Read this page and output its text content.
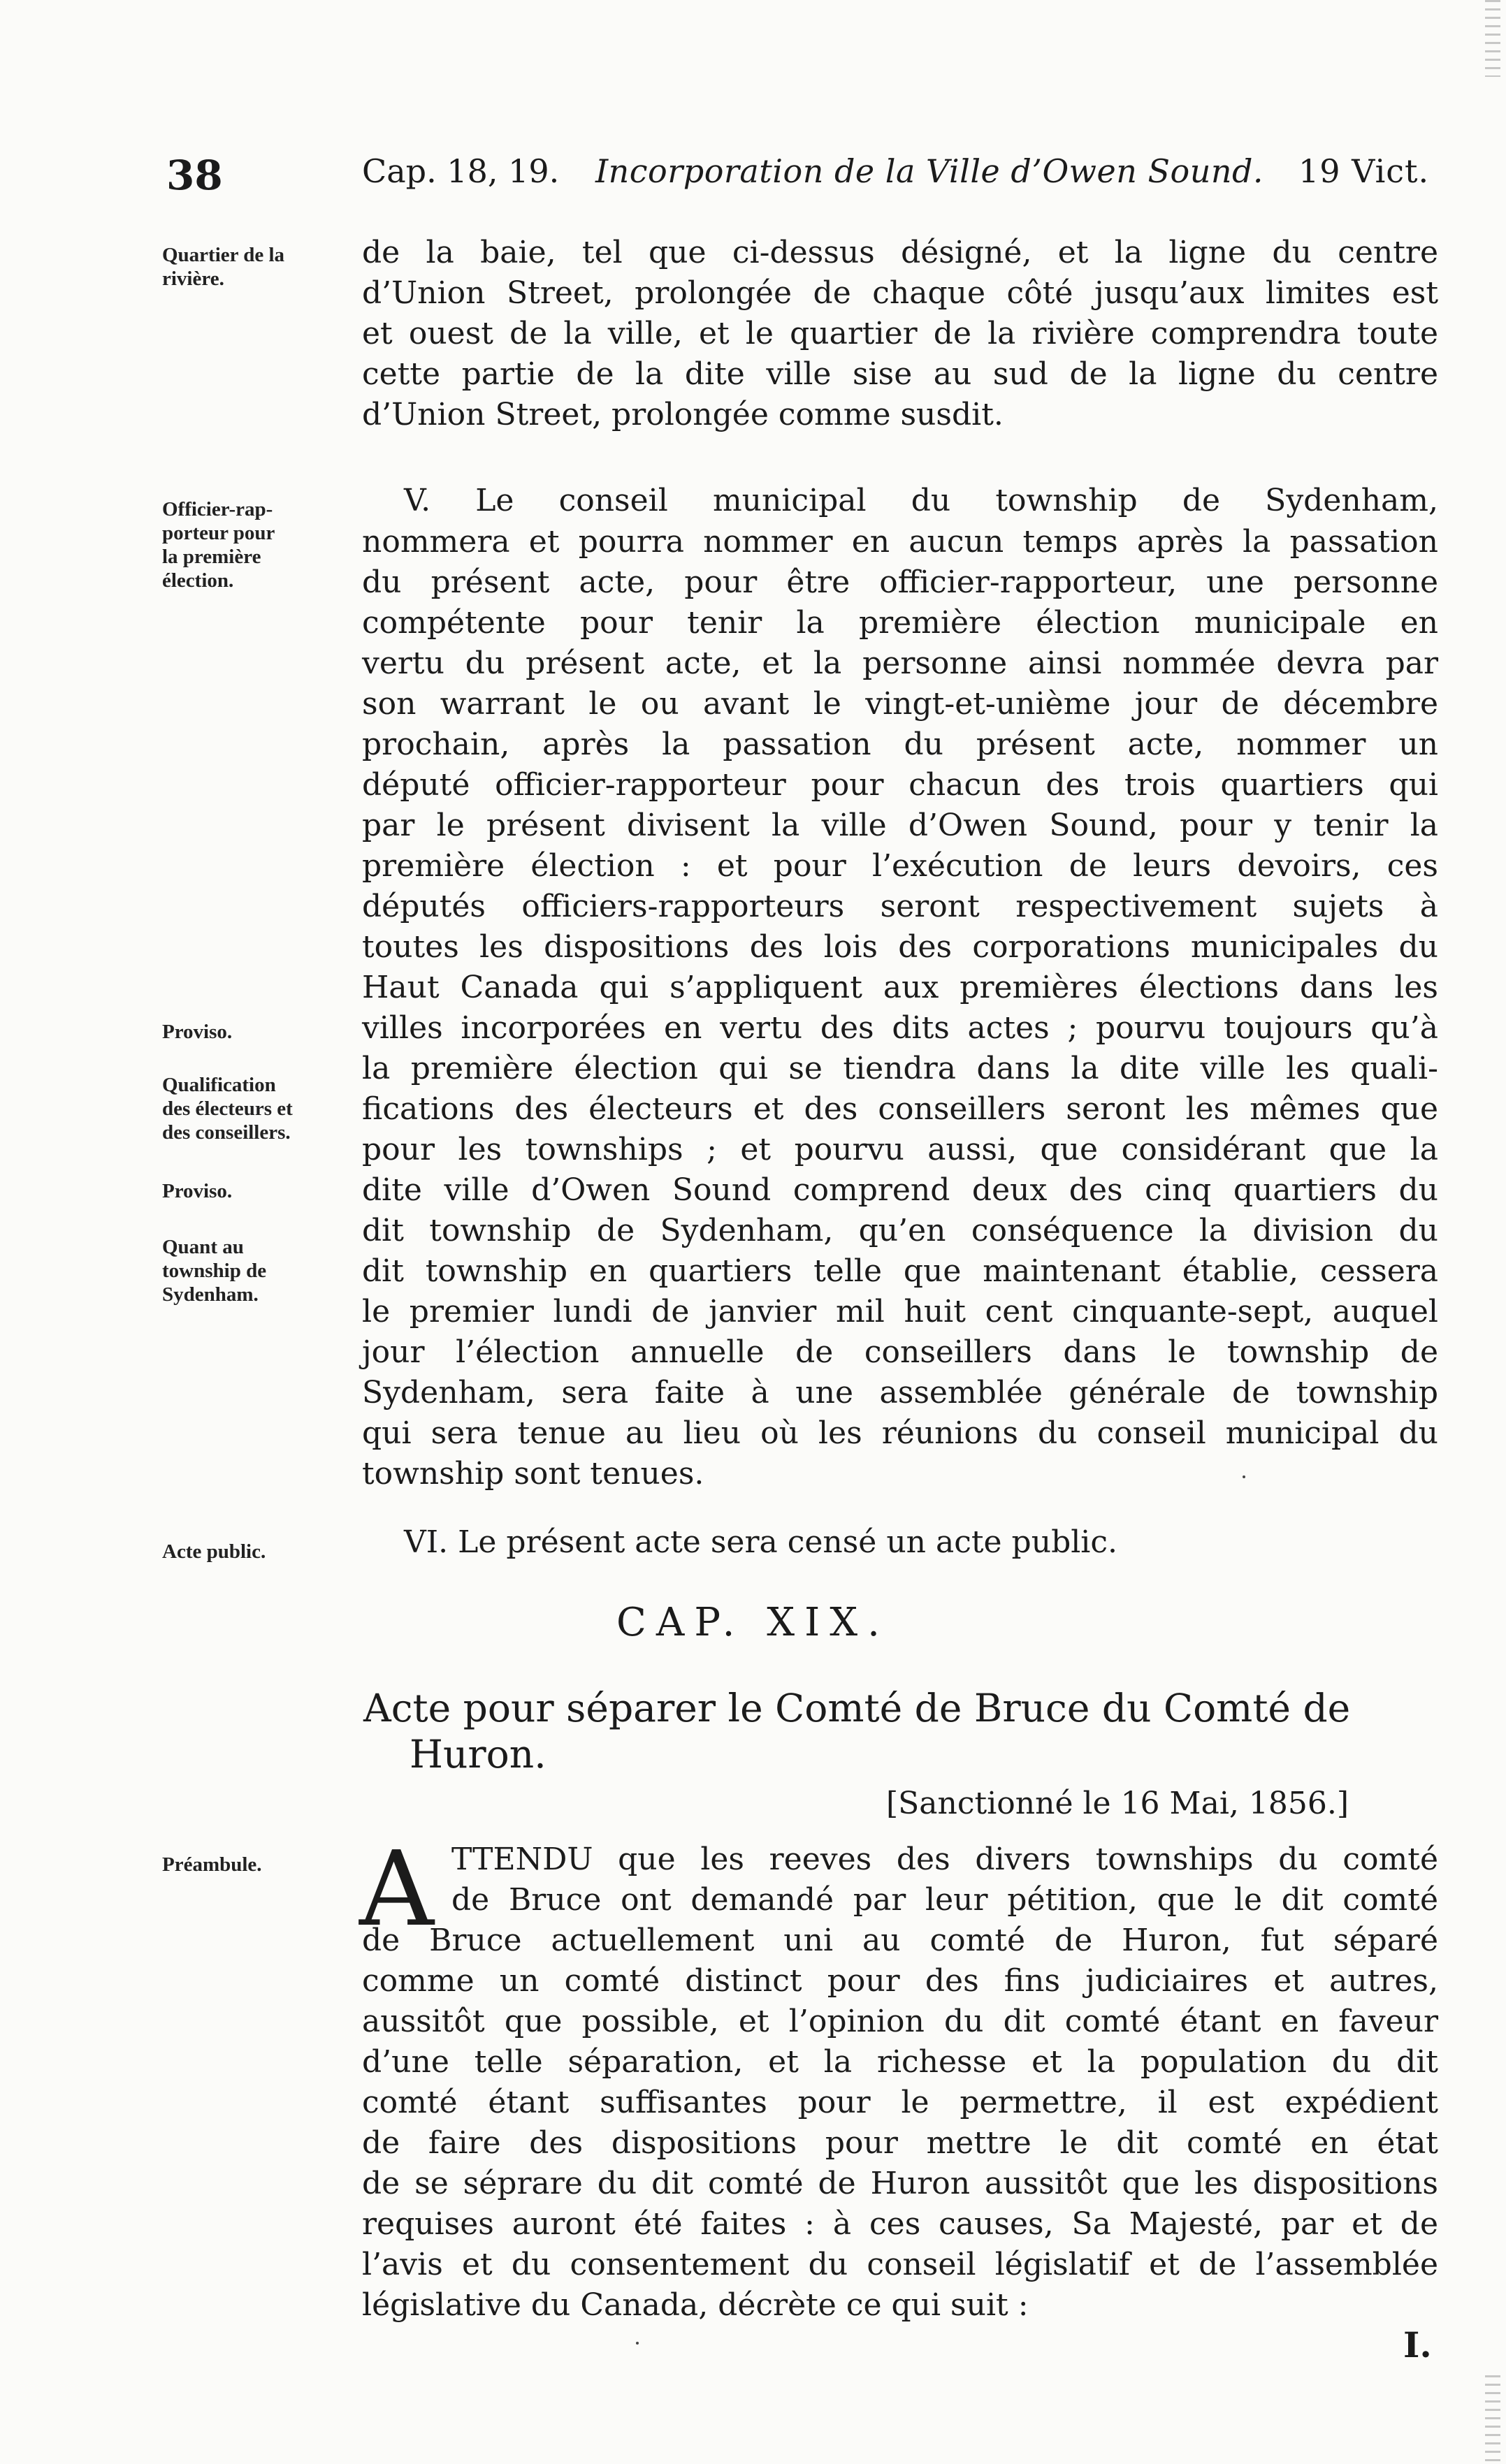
38	Cap. 18, 19. Incorporation de la Ville d’Owen Sound. 19 Vict.
Quartier de la
rivière.
Officier-rap-
porteur pour
la première
élection.
Proviso.
Qualification
des électeurs et
des conseillers.
Proviso.
Quant au
township de
Sydenham.
Acte public.
Préambule.
de la baie, tel que ci-dessus désigné, et la ligne du centre
d’Union Street, prolongée de chaque côté jusqu’aux limites est
et ouest de la ville, et le quartier de la rivière comprendra toute
cette partie de la dite ville sise au sud de la ligne du centre
d’Union Street, prolongée comme susdit.
V. Le conseil municipal du township de Sydenham,
nommera et pourra nommer en aucun temps après la passation
du présent acte, pour être officier-rapporteur, une personne
compétente pour tenir la première élection municipale en
vertu du présent acte, et la personne ainsi nommée devra par
son warrant le ou avant le vingt-et-unième jour de décembre
prochain, après la passation du présent acte, nommer un
député officier-rapporteur pour chacun des trois quartiers qui
par le présent divisent la ville d’Owen Sound, pour y tenir la
première élection : et pour l’exécution de leurs devoirs, ces
députés officiers-rapporteurs seront respectivement sujets à
toutes les dispositions des lois des corporations municipales du
Haut Canada qui s’appliquent aux premières élections dans les
villes incorporées en vertu des dits actes ; pourvu toujours qu’à
la première élection qui se tiendra dans la dite ville les quali-
fications des électeurs et des conseillers seront les mêmes que
pour les townships ; et pourvu aussi, que considérant que la
dite ville d’Owen Sound comprend deux des cinq quartiers du
dit township de Sydenham, qu’en conséquence la division du
dit township en quartiers telle que maintenant établie, cessera
le premier lundi de janvier mil huit cent cinquante-sept, auquel
jour l’élection annuelle de conseillers dans le township de
Sydenham, sera faite à une assemblée générale de township
qui sera tenue au lieu où les réunions du conseil municipal du
township sont tenues.
VI. Le présent acte sera censé un acte public.
CAP. XIX.
Acte pour séparer le Comté de Bruce du Comté de
Huron.
[Sanctionné le 16 Mai, 1856.]
A TTENDU que les reeves des divers townships du comté
de Bruce ont demandé par leur pétition, que le dit comté
de Bruce actuellement uni au comté de Huron, fut séparé
comme un comté distinct pour des fins judiciaires et autres,
aussitôt que possible, et l’opinion du dit comté étant en faveur
d’une telle séparation, et la richesse et la population du dit
comté étant suffisantes pour le permettre, il est expédient
de faire des dispositions pour mettre le dit comté en état
de se séprare du dit comté de Huron aussitôt que les dispositions
requises auront été faites : à ces causes, Sa Majesté, par et de
l’avis et du consentement du conseil législatif et de l’assemblée
législative du Canada, décrète ce qui suit :
I.
